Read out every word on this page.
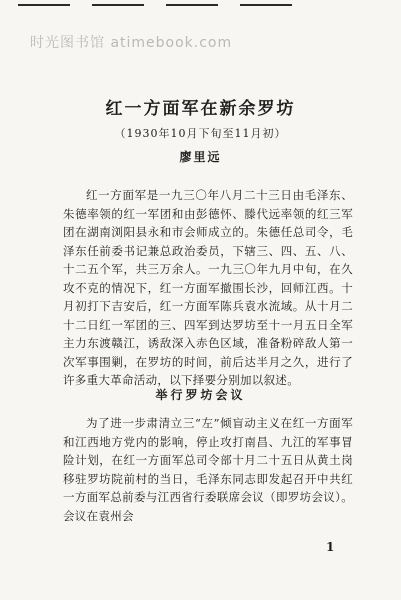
时光图书馆 atimebook.com
红一方面军在新余罗坊
（1930年10月下旬至11月初）
廖里远
红一方面军是一九三〇年八月二十三日由毛泽东、朱德率领的红一军团和由彭德怀、滕代远率领的红三军团在湖南浏阳县永和市会师成立的。朱德任总司令，毛泽东任前委书记兼总政治委员，下辖三、四、五、八、十二五个军，共三万余人。一九三〇年九月中旬，在久攻不克的情况下，红一方面军撤围长沙，回师江西。十月初打下吉安后，红一方面军陈兵袁水流域。从十月二十二日红一军团的三、四军到达罗坊至十一月五日全军主力东渡赣江，诱敌深入赤色区域，准备粉碎敌人第一次军事围剿，在罗坊的时间，前后达半月之久，进行了许多重大革命活动，以下择要分别加以叙述。
举行罗坊会议
为了进一步肃清立三“左”倾盲动主义在红一方面军和江西地方党内的影响，停止攻打南昌、九江的军事冒险计划，在红一方面军总司令部十月二十五日从黄土岗移驻罗坊院前村的当日，毛泽东同志即发起召开中共红一方面军总前委与江西省行委联席会议（即罗坊会议）。会议在袁州会
1
